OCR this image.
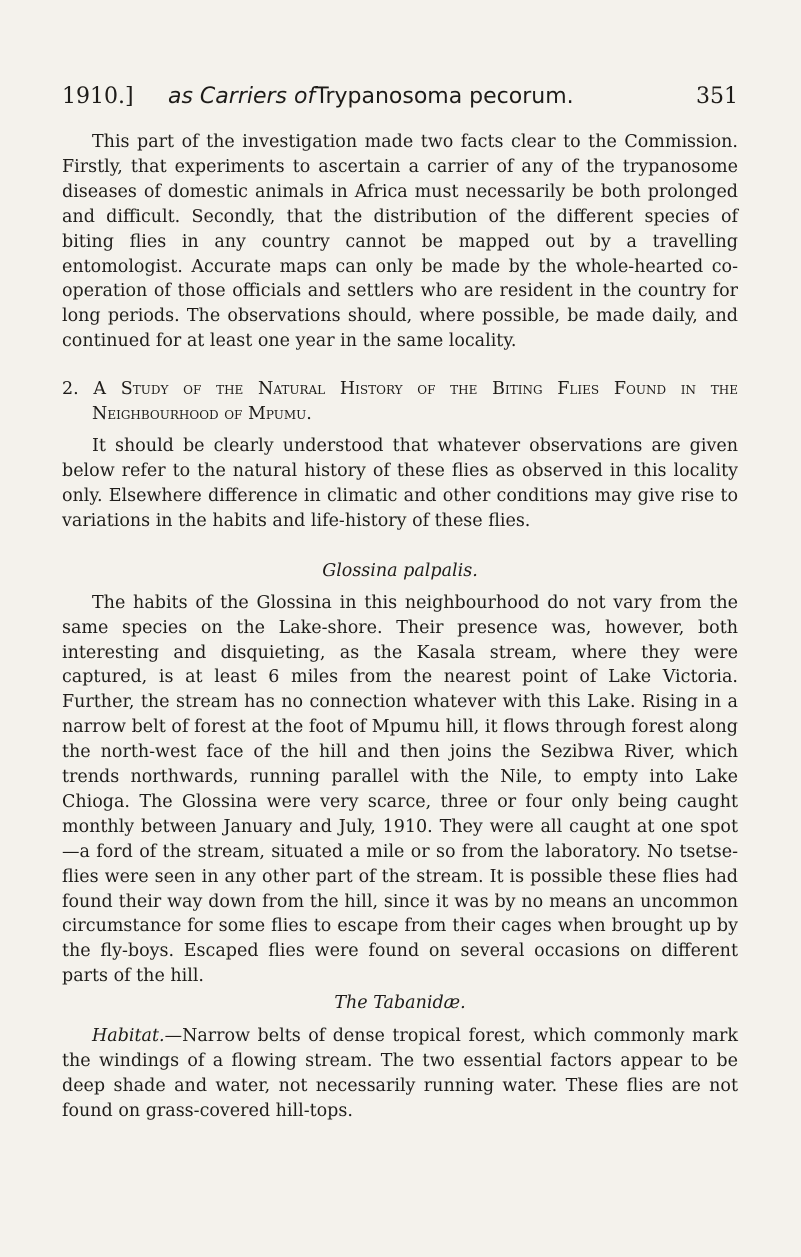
1910.] as Carriers of Trypanosoma pecorum.	351

This part of the investigation made two facts clear to the Commission. Firstly, that experiments to ascertain a carrier of any of the trypanosome diseases of domestic animals in Africa must necessarily be both prolonged and difficult. Secondly, that the distribution of the different species of biting flies in any country cannot be mapped out by a travelling entomologist. Accurate maps can only be made by the whole-hearted co-operation of those officials and settlers who are resident in the country for long periods. The observations should, where possible, be made daily, and continued for at least one year in the same locality.

2. A Study of the Natural History of the Biting Flies Found in the Neighbourhood of Mpumu.

It should be clearly understood that whatever observations are given below refer to the natural history of these flies as observed in this locality only. Elsewhere difference in climatic and other conditions may give rise to variations in the habits and life-history of these flies.

Glossina palpalis.

The habits of the Glossina in this neighbourhood do not vary from the same species on the Lake-shore. Their presence was, however, both interesting and disquieting, as the Kasala stream, where they were captured, is at least 6 miles from the nearest point of Lake Victoria. Further, the stream has no connection whatever with this Lake. Rising in a narrow belt of forest at the foot of Mpumu hill, it flows through forest along the north-west face of the hill and then joins the Sezibwa River, which trends northwards, running parallel with the Nile, to empty into Lake Chioga. The Glossina were very scarce, three or four only being caught monthly between January and July, 1910. They were all caught at one spot—a ford of the stream, situated a mile or so from the laboratory. No tsetse-flies were seen in any other part of the stream. It is possible these flies had found their way down from the hill, since it was by no means an uncommon circumstance for some flies to escape from their cages when brought up by the fly-boys. Escaped flies were found on several occasions on different parts of the hill.

The Tabanidæ.

Habitat.—Narrow belts of dense tropical forest, which commonly mark the windings of a flowing stream. The two essential factors appear to be deep shade and water, not necessarily running water. These flies are not found on grass-covered hill-tops.
